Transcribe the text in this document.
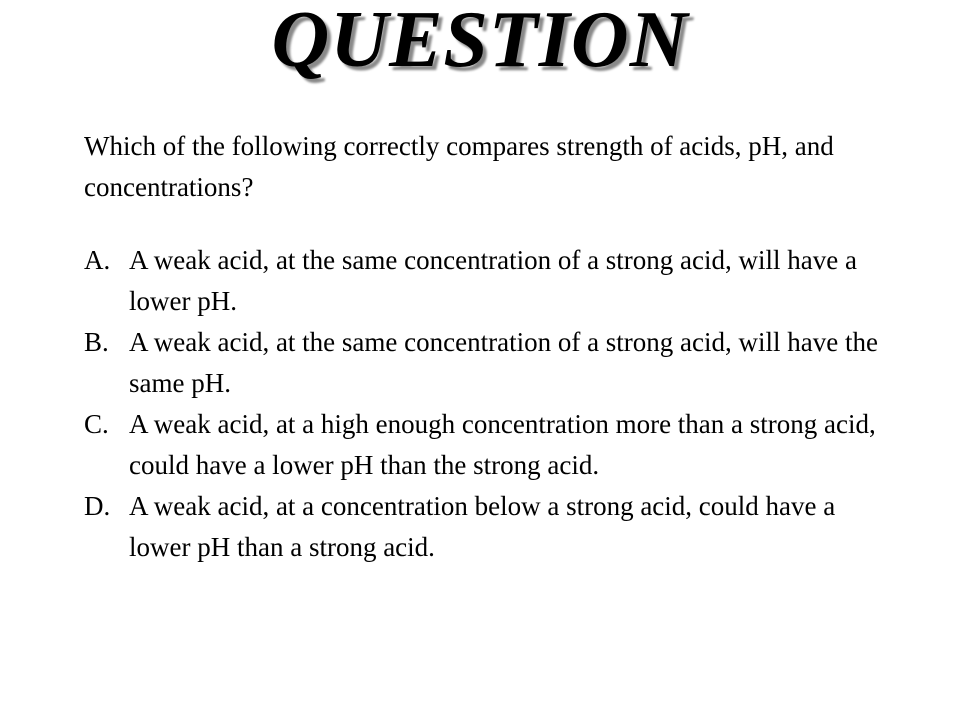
QUESTION

Which of the following correctly compares strength of acids, pH, and concentrations?

A. A weak acid, at the same concentration of a strong acid, will have a lower pH.
B. A weak acid, at the same concentration of a strong acid, will have the same pH.
C. A weak acid, at a high enough concentration more than a strong acid, could have a lower pH than the strong acid.
D. A weak acid, at a concentration below a strong acid, could have a lower pH than a strong acid.
